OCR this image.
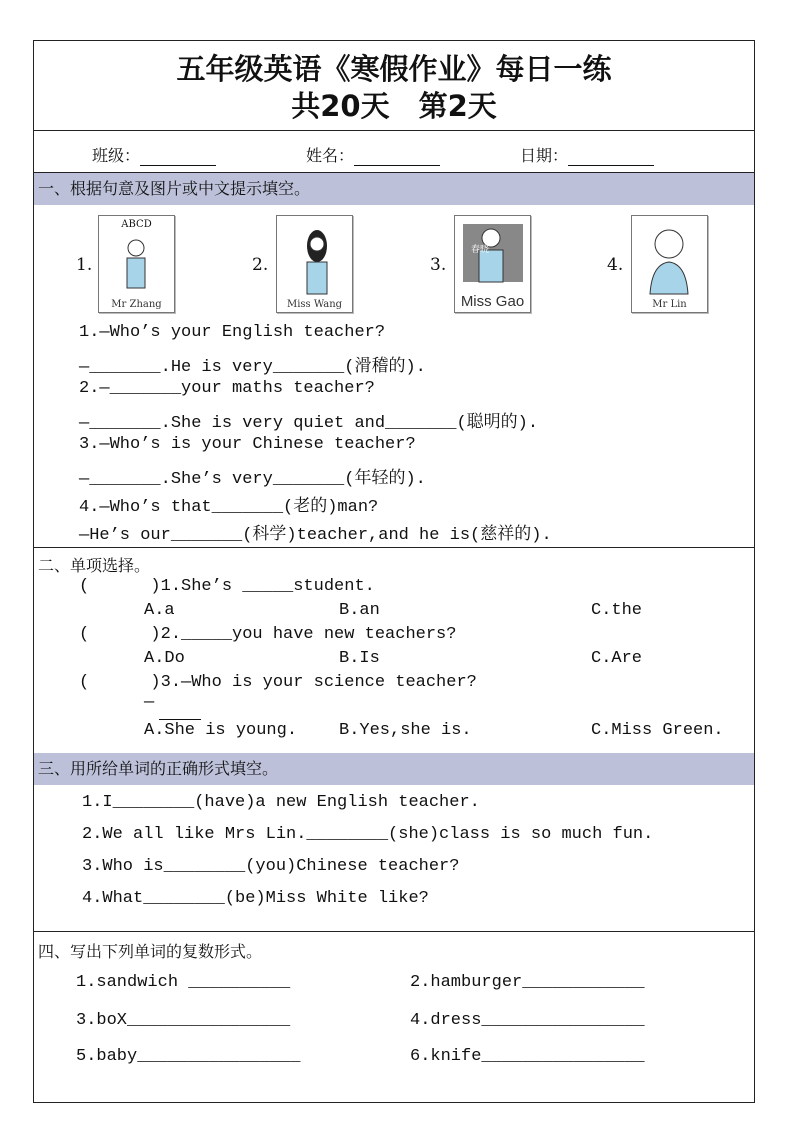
五年级英语《寒假作业》每日一练
共20天　第2天
班级：	姓名：	日期：
一、根据句意及图片或中文提示填空。
1.	2.	3.	4.
ABCD
Mr Zhang	Miss Wang
春晓
Miss Gao	Mr Lin
1.—Who’s your English teacher?
—_______.He is very_______(滑稽的).
2.—_______your maths teacher?
—_______.She is very quiet and_______(聪明的).
3.—Who’s is your Chinese teacher?
—_______.She’s very_______(年轻的).
4.—Who’s that_______(老的)man?
—He’s our_______(科学)teacher,and he is(慈祥的).
二、单项选择。
(      )1.She’s _____student.
A.a	B.an	C.the
(      )2._____you have new teachers?
A.Do	B.Is	C.Are
(      )3.—Who is your science teacher?
—
A.She is young. B.Yes,she is.	C.Miss Green.
三、用所给单词的正确形式填空。
1.I________(have)a new English teacher.
2.We all like Mrs Lin.________(she)class is so much fun.
3.Who is________(you)Chinese teacher?
4.What________(be)Miss White like?
四、写出下列单词的复数形式。
1.sandwich __________	2.hamburger____________
3.boX________________	4.dress________________
5.baby________________	6.knife________________
